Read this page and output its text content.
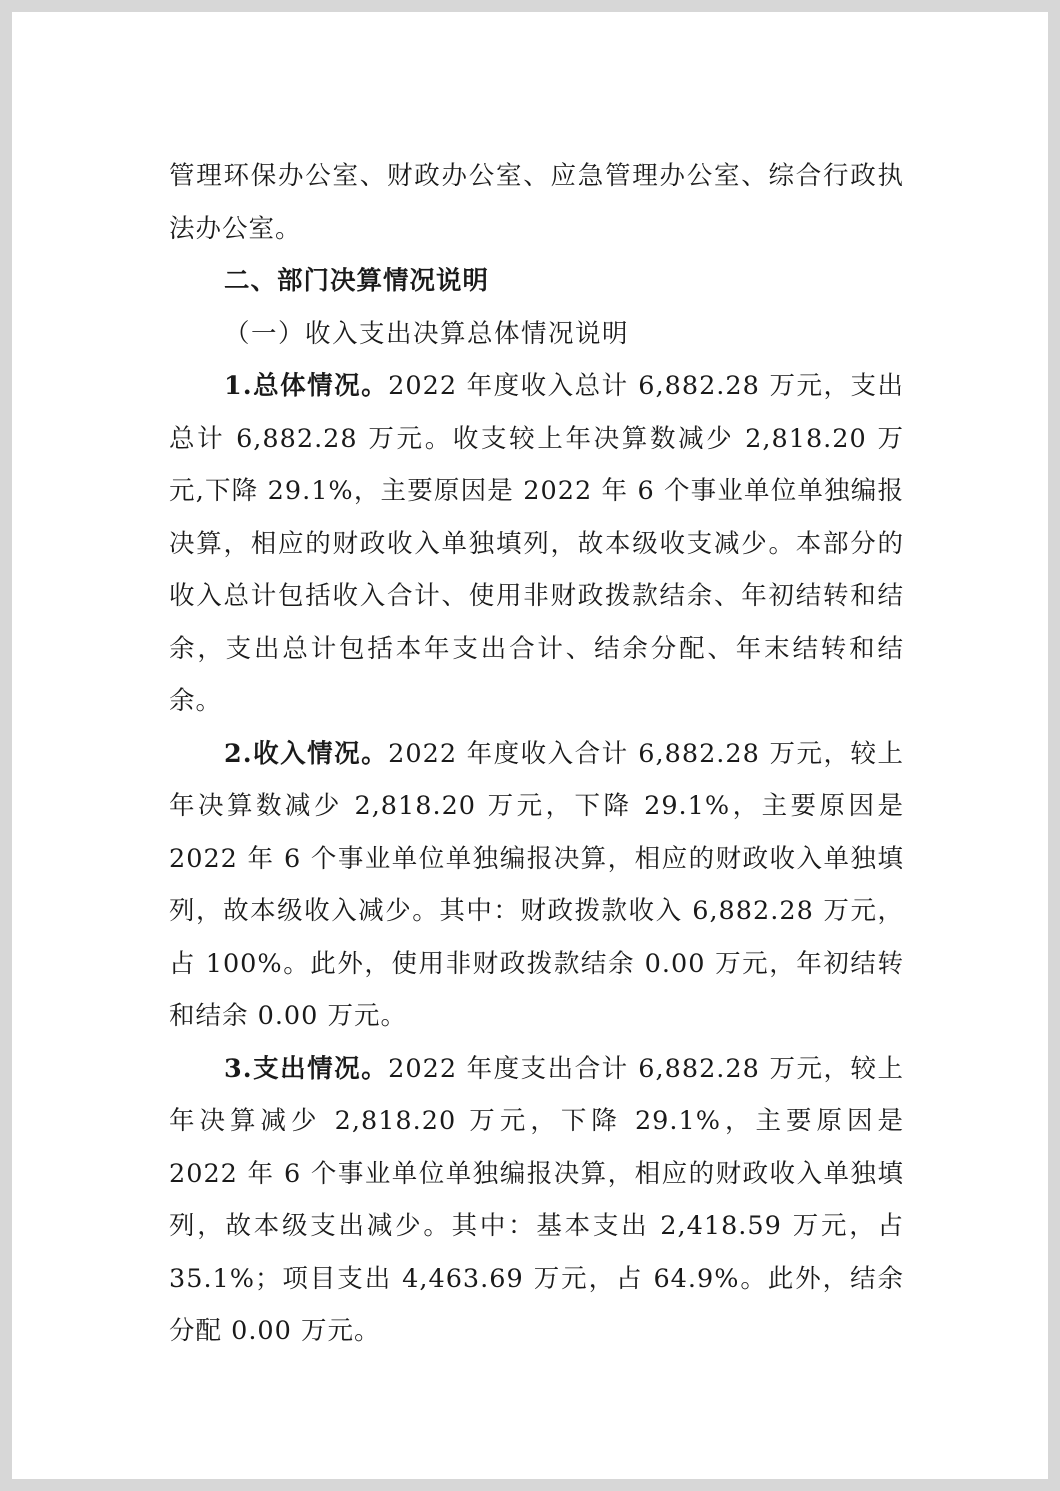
管理环保办公室、财政办公室、应急管理办公室、综合行政执法办公室。

二、部门决算情况说明

（一）收入支出决算总体情况说明

1.总体情况。2022 年度收入总计 6,882.28 万元，支出总计 6,882.28 万元。收支较上年决算数减少 2,818.20 万元,下降 29.1%，主要原因是 2022 年 6 个事业单位单独编报决算，相应的财政收入单独填列，故本级收支减少。本部分的收入总计包括收入合计、使用非财政拨款结余、年初结转和结余，支出总计包括本年支出合计、结余分配、年末结转和结余。

2.收入情况。2022 年度收入合计 6,882.28 万元，较上年决算数减少 2,818.20 万元，下降 29.1%，主要原因是 2022 年 6 个事业单位单独编报决算，相应的财政收入单独填列，故本级收入减少。其中：财政拨款收入 6,882.28 万元，占 100%。此外，使用非财政拨款结余 0.00 万元，年初结转和结余 0.00 万元。

3.支出情况。2022 年度支出合计 6,882.28 万元，较上年决算减少 2,818.20 万元，下降 29.1%，主要原因是 2022 年 6 个事业单位单独编报决算，相应的财政收入单独填列，故本级支出减少。其中：基本支出 2,418.59 万元，占 35.1%；项目支出 4,463.69 万元，占 64.9%。此外，结余分配 0.00 万元。
